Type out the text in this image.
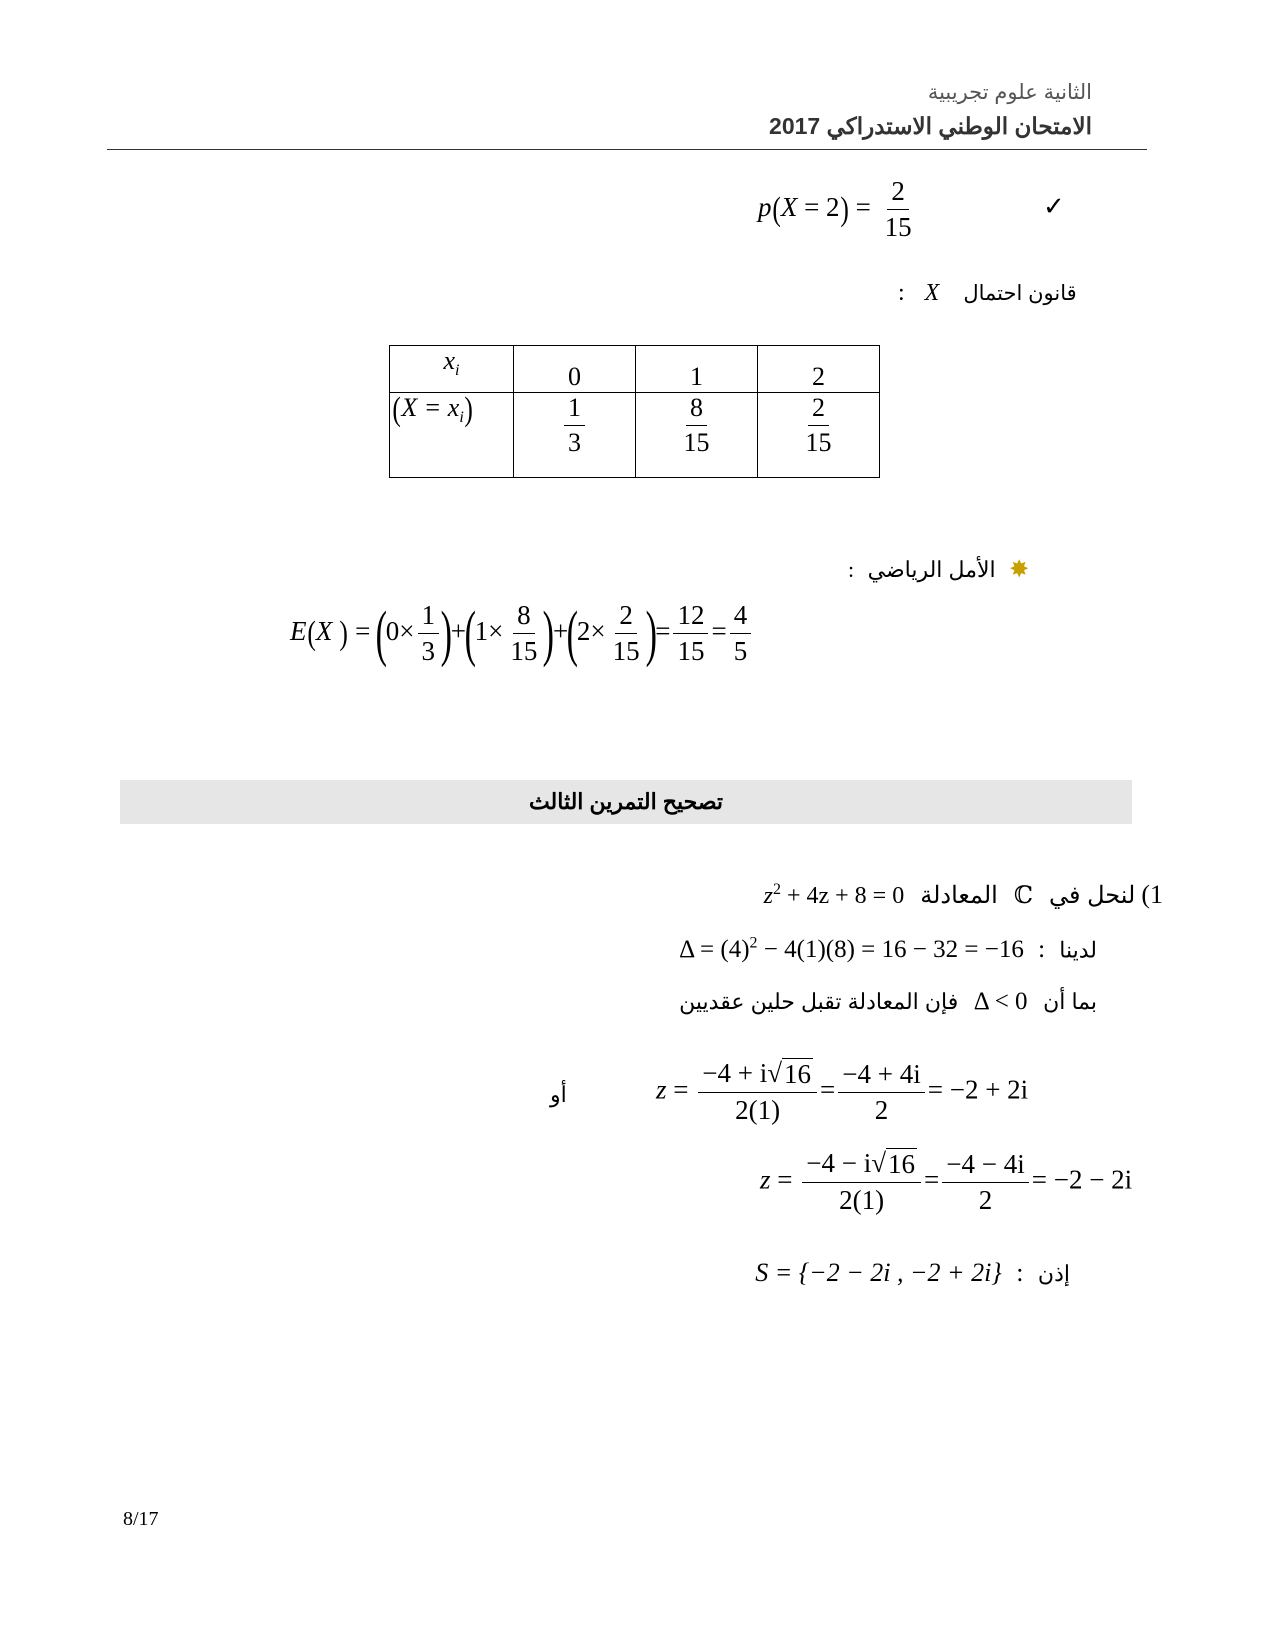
الثانية علوم تجريبية
الامتحان الوطني الاستدراكي 2017
$p(X = 2) = \frac{2}{15}$	✓
: X قانون احتمال
$x_i$	0	1	2
$(X = x_i)$	$\frac{1}{3}$	$\frac{8}{15}$	$\frac{2}{15}$
: الأمل الرياضي ✸
E(X ) = $(0\times \frac{1}{3} )+(1\times \frac{8}{15} )+(2\times \frac{2}{15}$ )= $\frac{12}{15} = \frac{4}{5}$
تصحيح التمرين الثالث
1) لنحل في ℂ المعادلة $z^2 + 4z + 8 = 0$
لدينا : $\Delta = (4)^2 - 4(1)(8) = 16 - 32 = -16$
بما أن Δ < 0 فإن المعادلة تقبل حلين عقديين
أو	$z = \frac{-4 + i √ 16}{2(1)} = \frac{-4 + 4i}{2} = -2 + 2i$
$z = \frac{-4 - i √ 16}{2(1)} = \frac{-4 - 4i}{2} = -2 - 2i$
إذن : S = {−2 − 2i , −2 + 2i}
8/17
